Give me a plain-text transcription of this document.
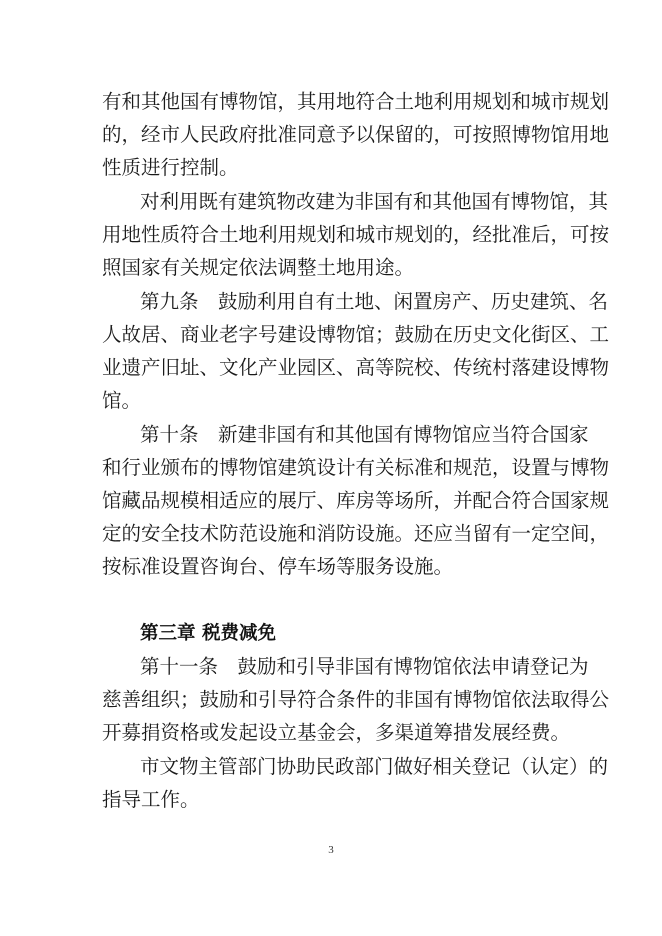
有和其他国有博物馆，其用地符合土地利用规划和城市规划
的，经市人民政府批准同意予以保留的，可按照博物馆用地
性质进行控制。
对利用既有建筑物改建为非国有和其他国有博物馆，其
用地性质符合土地利用规划和城市规划的，经批准后，可按
照国家有关规定依法调整土地用途。
第九条　鼓励利用自有土地、闲置房产、历史建筑、名
人故居、商业老字号建设博物馆；鼓励在历史文化街区、工
业遗产旧址、文化产业园区、高等院校、传统村落建设博物
馆。
第十条　新建非国有和其他国有博物馆应当符合国家
和行业颁布的博物馆建筑设计有关标准和规范，设置与博物
馆藏品规模相适应的展厅、库房等场所，并配合符合国家规
定的安全技术防范设施和消防设施。还应当留有一定空间，
按标准设置咨询台、停车场等服务设施。
第三章 税费减免
第十一条　鼓励和引导非国有博物馆依法申请登记为
慈善组织；鼓励和引导符合条件的非国有博物馆依法取得公
开募捐资格或发起设立基金会，多渠道筹措发展经费。
市文物主管部门协助民政部门做好相关登记（认定）的
指导工作。
3
